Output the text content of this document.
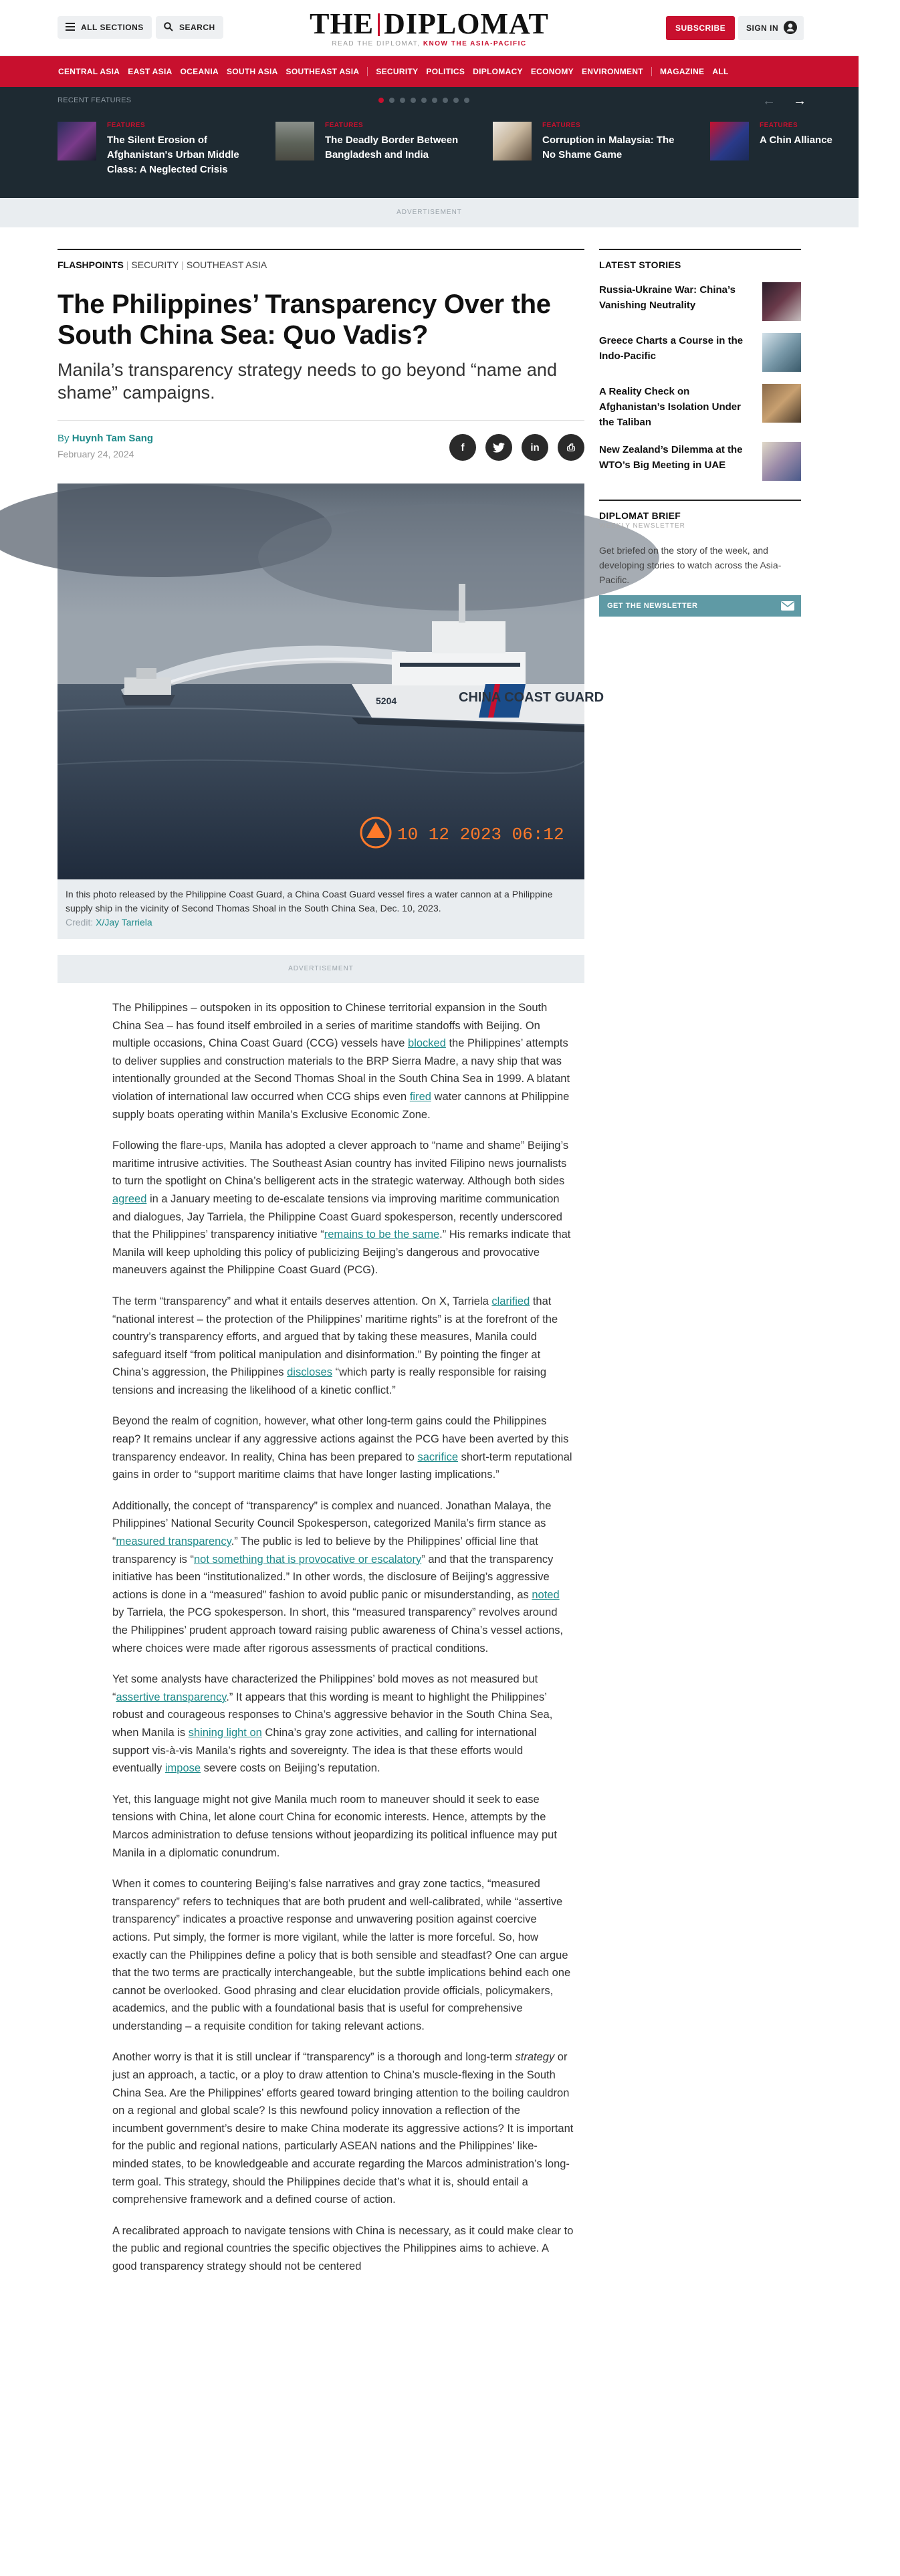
ALL SECTIONS	SEARCH	THE DIPLOMAT
READ THE DIPLOMAT, KNOW THE ASIA-PACIFIC
SUBSCRIBE	SIGN IN
CENTRAL ASIA	EAST ASIA	OCEANIA	SOUTH ASIA	SOUTHEAST ASIA	SECURITY	POLITICS	DIPLOMACY	ECONOMY	ENVIRONMENT	MAGAZINE	ALL
RECENT FEATURES	← →
FEATURES
The Silent Erosion of Afghanistan's Urban Middle Class: A Neglected Crisis
FEATURES
The Deadly Border Between Bangladesh and India
FEATURES
Corruption in Malaysia: The No Shame Game
FEATURES
A Chin Alliance
ADVERTISEMENT
FLASHPOINTS | SECURITY | SOUTHEAST ASIA
The Philippines’ Transparency Over the South China Sea: Quo Vadis?
Manila’s transparency strategy needs to go beyond “name and shame” campaigns.
By Huynh Tam Sang
February 24, 2024
f	in	⎙
CHINA COAST GUARD
5204
10 12 2023 06:12
In this photo released by the Philippine Coast Guard, a China Coast Guard vessel fires a water cannon at a Philippine supply ship in the vicinity of Second Thomas Shoal in the South China Sea, Dec. 10, 2023.
Credit: X/Jay Tarriela
ADVERTISEMENT

The Philippines – outspoken in its opposition to Chinese territorial expansion in the South China Sea – has found itself embroiled in a series of maritime standoffs with Beijing. On multiple occasions, China Coast Guard (CCG) vessels have blocked the Philippines’ attempts to deliver supplies and construction materials to the BRP Sierra Madre, a navy ship that was intentionally grounded at the Second Thomas Shoal in the South China Sea in 1999. A blatant violation of international law occurred when CCG ships even fired water cannons at Philippine supply boats operating within Manila’s Exclusive Economic Zone.

Following the flare-ups, Manila has adopted a clever approach to “name and shame” Beijing’s maritime intrusive activities. The Southeast Asian country has invited Filipino news journalists to turn the spotlight on China’s belligerent acts in the strategic waterway. Although both sides agreed in a January meeting to de-escalate tensions via improving maritime communication and dialogues, Jay Tarriela, the Philippine Coast Guard spokesperson, recently underscored that the Philippines’ transparency initiative “remains to be the same.” His remarks indicate that Manila will keep upholding this policy of publicizing Beijing’s dangerous and provocative maneuvers against the Philippine Coast Guard (PCG).

The term “transparency” and what it entails deserves attention. On X, Tarriela clarified that “national interest – the protection of the Philippines’ maritime rights” is at the forefront of the country’s transparency efforts, and argued that by taking these measures, Manila could safeguard itself “from political manipulation and disinformation.” By pointing the finger at China’s aggression, the Philippines discloses “which party is really responsible for raising tensions and increasing the likelihood of a kinetic conflict.”

Beyond the realm of cognition, however, what other long-term gains could the Philippines reap? It remains unclear if any aggressive actions against the PCG have been averted by this transparency endeavor. In reality, China has been prepared to sacrifice short-term reputational gains in order to “support maritime claims that have longer lasting implications.”

Additionally, the concept of “transparency” is complex and nuanced. Jonathan Malaya, the Philippines’ National Security Council Spokesperson, categorized Manila’s firm stance as “measured transparency.” The public is led to believe by the Philippines’ official line that transparency is “not something that is provocative or escalatory” and that the transparency initiative has been “institutionalized.” In other words, the disclosure of Beijing’s aggressive actions is done in a “measured” fashion to avoid public panic or misunderstanding, as noted by Tarriela, the PCG spokesperson. In short, this “measured transparency” revolves around the Philippines’ prudent approach toward raising public awareness of China’s vessel actions, where choices were made after rigorous assessments of practical conditions.

Yet some analysts have characterized the Philippines’ bold moves as not measured but “assertive transparency.” It appears that this wording is meant to highlight the Philippines’ robust and courageous responses to China’s aggressive behavior in the South China Sea, when Manila is shining light on China’s gray zone activities, and calling for international support vis-à-vis Manila’s rights and sovereignty. The idea is that these efforts would eventually impose severe costs on Beijing’s reputation.

Yet, this language might not give Manila much room to maneuver should it seek to ease tensions with China, let alone court China for economic interests. Hence, attempts by the Marcos administration to defuse tensions without jeopardizing its political influence may put Manila in a diplomatic conundrum.

When it comes to countering Beijing’s false narratives and gray zone tactics, “measured transparency” refers to techniques that are both prudent and well-calibrated, while “assertive transparency” indicates a proactive response and unwavering position against coercive actions. Put simply, the former is more vigilant, while the latter is more forceful. So, how exactly can the Philippines define a policy that is both sensible and steadfast? One can argue that the two terms are practically interchangeable, but the subtle implications behind each one cannot be overlooked. Good phrasing and clear elucidation provide officials, policymakers, academics, and the public with a foundational basis that is useful for comprehensive understanding – a requisite condition for taking relevant actions.

Another worry is that it is still unclear if “transparency” is a thorough and long-term strategy or just an approach, a tactic, or a ploy to draw attention to China’s muscle-flexing in the South China Sea. Are the Philippines’ efforts geared toward bringing attention to the boiling cauldron on a regional and global scale? Is this newfound policy innovation a reflection of the incumbent government’s desire to make China moderate its aggressive actions? It is important for the public and regional nations, particularly ASEAN nations and the Philippines’ like-minded states, to be knowledgeable and accurate regarding the Marcos administration’s long-term goal. This strategy, should the Philippines decide that’s what it is, should entail a comprehensive framework and a defined course of action.

A recalibrated approach to navigate tensions with China is necessary, as it could make clear to the public and regional countries the specific objectives the Philippines aims to achieve. A good transparency strategy should not be centered

LATEST STORIES
Russia-Ukraine War: China’s Vanishing Neutrality
Greece Charts a Course in the Indo-Pacific
A Reality Check on Afghanistan’s Isolation Under the Taliban
New Zealand’s Dilemma at the WTO’s Big Meeting in UAE
DIPLOMAT BRIEF
WEEKLY NEWSLETTER
Get briefed on the story of the week, and developing stories to watch across the Asia-Pacific.
GET THE NEWSLETTER
